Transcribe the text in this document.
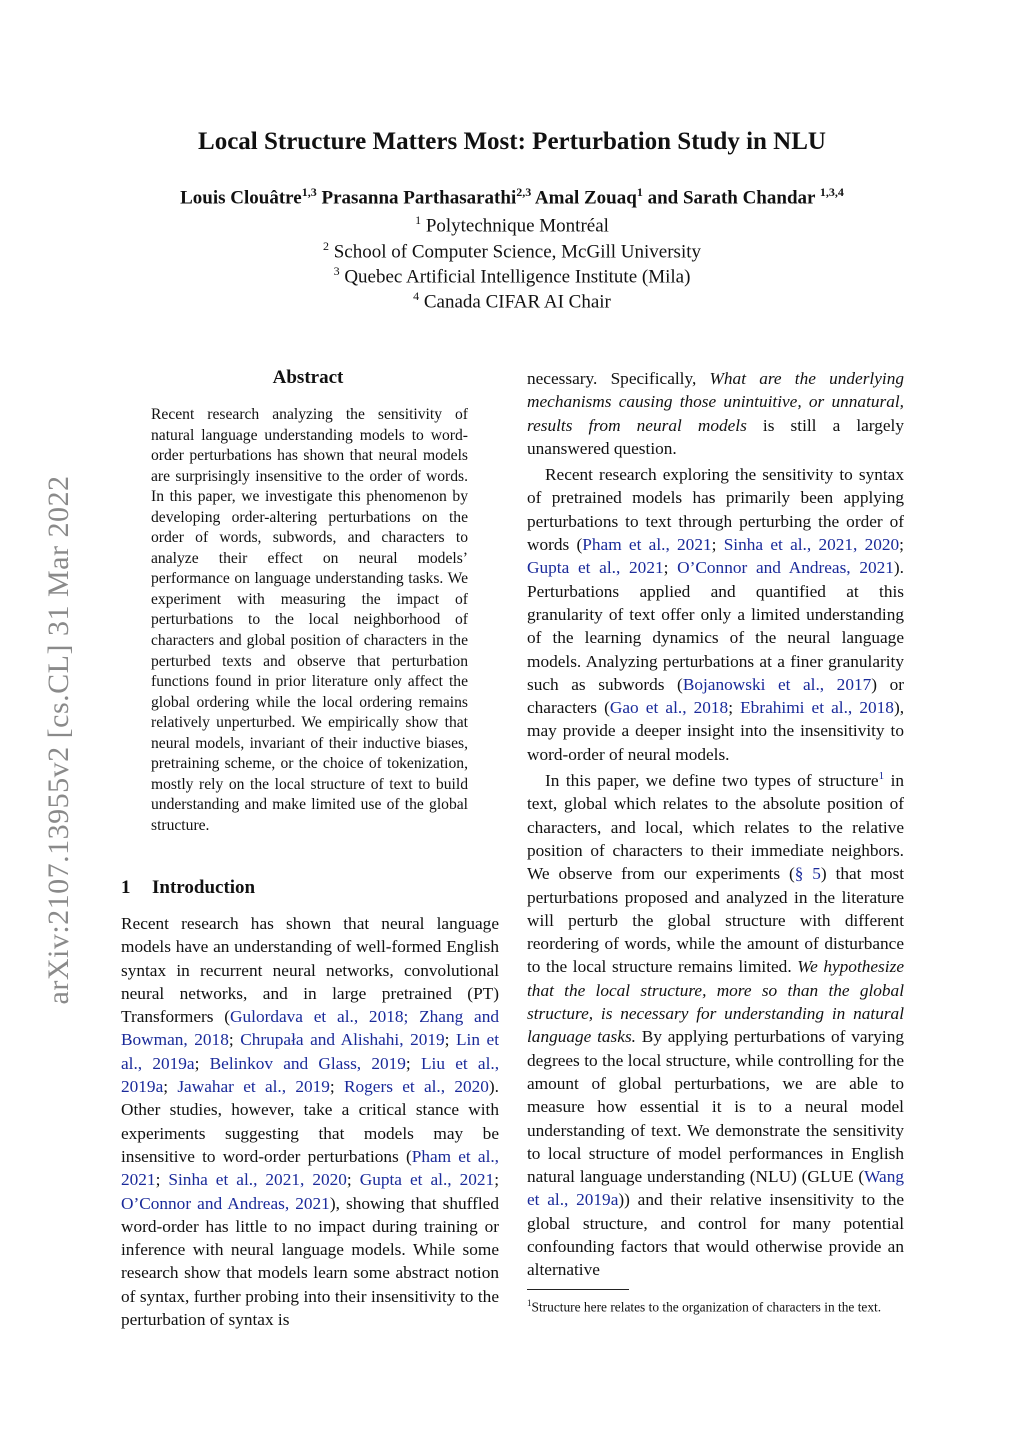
Local Structure Matters Most: Perturbation Study in NLU
Louis Clouâtre$^{1,3}$ Prasanna Parthasarathi$^{2,3}$ Amal Zouaq$^1$ and Sarath Chandar $^{1,3,4}$
$^1$ Polytechnique Montréal
$^2$ School of Computer Science, McGill University
$^3$ Quebec Artificial Intelligence Institute (Mila)
$^4$ Canada CIFAR AI Chair
arXiv:2107.13955v2 [cs.CL] 31 Mar 2022
Abstract
Recent research analyzing the sensitivity of natural language understanding models to word-order perturbations has shown that neural models are surprisingly insensitive to the order of words. In this paper, we investigate this phenomenon by developing order-altering perturbations on the order of words, subwords, and characters to analyze their effect on neural models’ performance on language understanding tasks. We experiment with measuring the impact of perturbations to the local neighborhood of characters and global position of characters in the perturbed texts and observe that perturbation functions found in prior literature only affect the global ordering while the local ordering remains relatively unperturbed. We empirically show that neural models, invariant of their inductive biases, pretraining scheme, or the choice of tokenization, mostly rely on the local structure of text to build understanding and make limited use of the global structure.
1 Introduction

Recent research has shown that neural language models have an understanding of well-formed English syntax in recurrent neural networks, convolutional neural networks, and in large pretrained (PT) Transformers (Gulordava et al., 2018; Zhang and Bowman, 2018; Chrupała and Alishahi, 2019; Lin et al., 2019a; Belinkov and Glass, 2019; Liu et al., 2019a; Jawahar et al., 2019; Rogers et al., 2020). Other studies, however, take a critical stance with experiments suggesting that models may be insensitive to word-order perturbations (Pham et al., 2021; Sinha et al., 2021, 2020; Gupta et al., 2021; O’Connor and Andreas, 2021), showing that shuffled word-order has little to no impact during training or inference with neural language models. While some research show that models learn some abstract notion of syntax, further probing into their insensitivity to the perturbation of syntax is

necessary. Specifically, What are the underlying mechanisms causing those unintuitive, or unnatural, results from neural models is still a largely unanswered question.

Recent research exploring the sensitivity to syntax of pretrained models has primarily been applying perturbations to text through perturbing the order of words (Pham et al., 2021; Sinha et al., 2021, 2020; Gupta et al., 2021; O’Connor and Andreas, 2021). Perturbations applied and quantified at this granularity of text offer only a limited understanding of the learning dynamics of the neural language models. Analyzing perturbations at a finer granularity such as subwords (Bojanowski et al., 2017) or characters (Gao et al., 2018; Ebrahimi et al., 2018), may provide a deeper insight into the insensitivity to word-order of neural models.

In this paper, we define two types of structure$^1$ in text, global which relates to the absolute position of characters, and local, which relates to the relative position of characters to their immediate neighbors. We observe from our experiments (§ 5) that most perturbations proposed and analyzed in the literature will perturb the global structure with different reordering of words, while the amount of disturbance to the local structure remains limited. We hypothesize that the local structure, more so than the global structure, is necessary for understanding in natural language tasks. By applying perturbations of varying degrees to the local structure, while controlling for the amount of global perturbations, we are able to measure how essential it is to a neural model understanding of text. We demonstrate the sensitivity to local structure of model performances in English natural language understanding (NLU) (GLUE (Wang et al., 2019a)) and their relative insensitivity to the global structure, and control for many potential confounding factors that would otherwise provide an alternative

$^1$Structure here relates to the organization of characters in the text.
